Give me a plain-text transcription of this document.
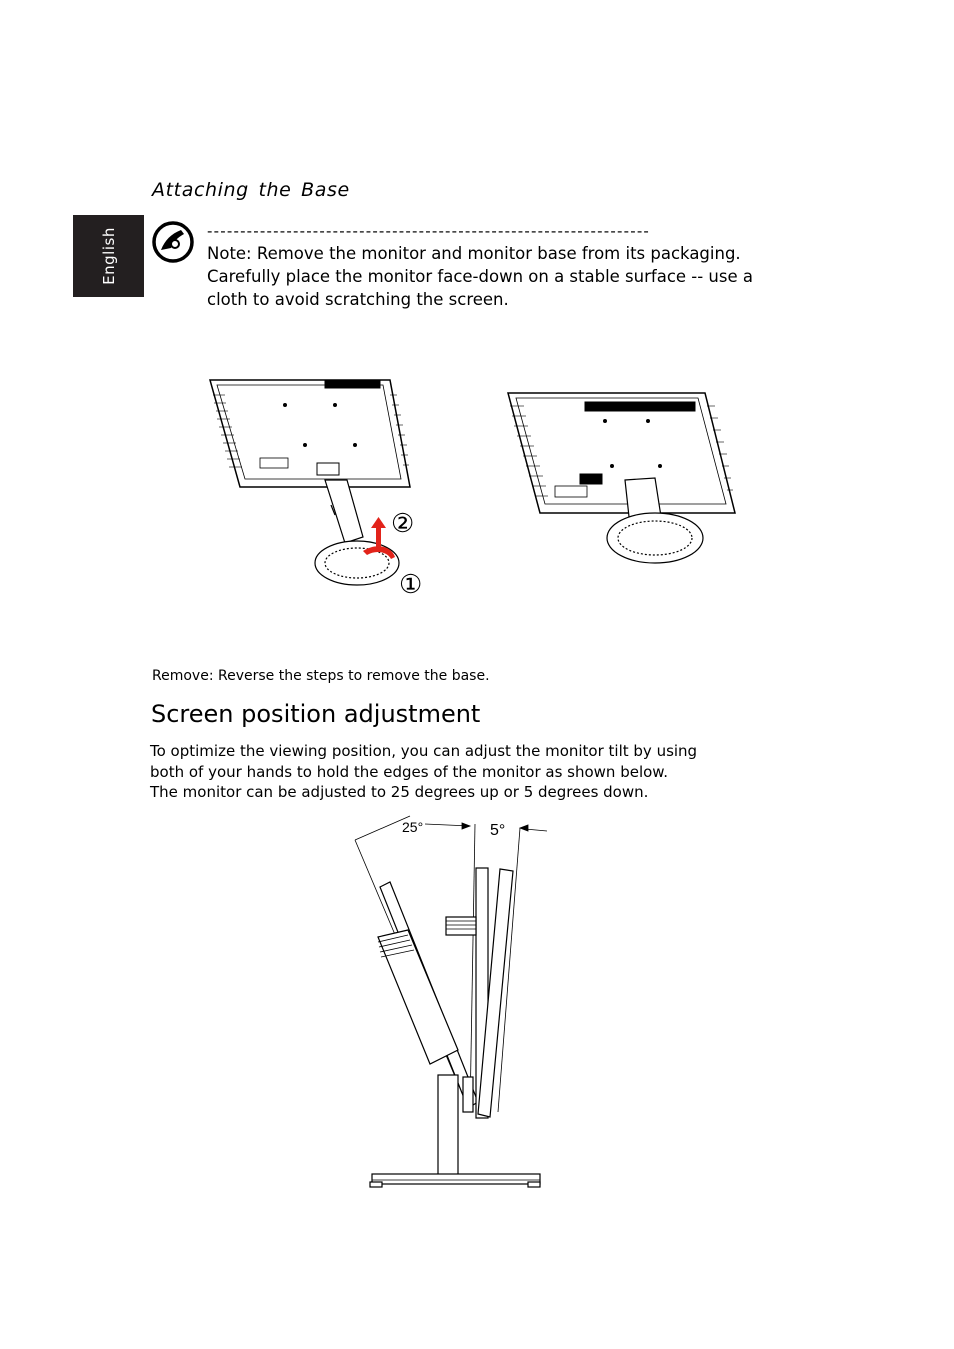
English
Attaching the Base
-------------------------------------------------------------------
Note: Remove the monitor and monitor base from its packaging. Carefully place the monitor face-down on a stable surface -- use a cloth to avoid scratching the screen.
②
①
Remove: Reverse the steps to remove the base.
Screen position adjustment
To optimize the viewing position, you can adjust the monitor tilt by using
both of your hands to hold the edges of the monitor as shown below.
The monitor can be adjusted to 25 degrees up or 5 degrees down.
25°	5°
